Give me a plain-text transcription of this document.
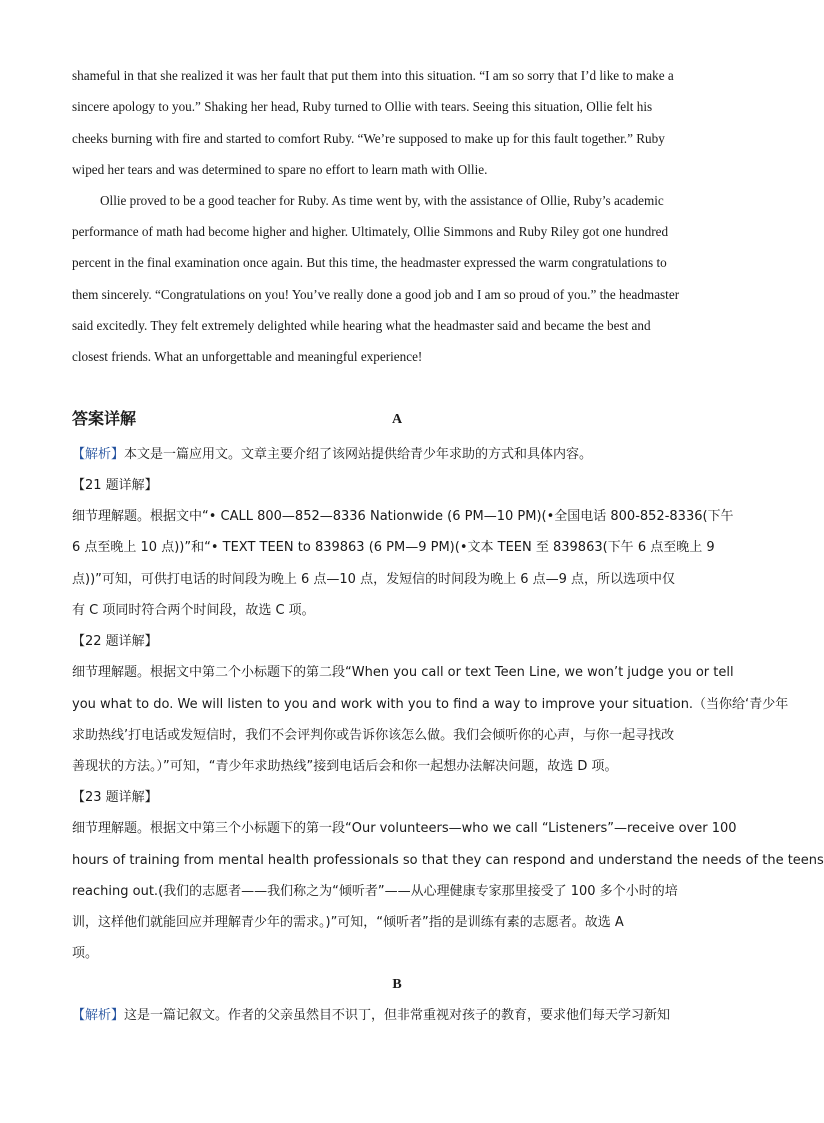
shameful in that she realized it was her fault that put them into this situation. “I am so sorry that I’d like to make a
sincere apology to you.” Shaking her head, Ruby turned to Ollie with tears. Seeing this situation, Ollie felt his
cheeks burning with fire and started to comfort Ruby. “We’re supposed to make up for this fault together.” Ruby
wiped her tears and was determined to spare no effort to learn math with Ollie.
Ollie proved to be a good teacher for Ruby. As time went by, with the assistance of Ollie, Ruby’s academic
performance of math had become higher and higher. Ultimately, Ollie Simmons and Ruby Riley got one hundred
percent in the final examination once again. But this time, the headmaster expressed the warm congratulations to
them sincerely. “Congratulations on you! You’ve really done a good job and I am so proud of you.” the headmaster
said excitedly. They felt extremely delighted while hearing what the headmaster said and became the best and
closest friends. What an unforgettable and meaningful experience!
答案详解	A
【解析】本文是一篇应用文。文章主要介绍了该网站提供给青少年求助的方式和具体内容。
【21 题详解】
细节理解题。根据文中“• CALL 800—852—8336 Nationwide (6 PM—10 PM)(•全国电话 800-852-8336(下午
6 点至晚上 10 点))”和“• TEXT TEEN to 839863 (6 PM—9 PM)(•文本 TEEN 至 839863(下午 6 点至晚上 9
点))”可知，可供打电话的时间段为晚上 6 点—10 点，发短信的时间段为晚上 6 点—9 点，所以选项中仅
有 C 项同时符合两个时间段，故选 C 项。
【22 题详解】
细节理解题。根据文中第二个小标题下的第二段“When you call or text Teen Line, we won’t judge you or tell
you what to do. We will listen to you and work with you to find a way to improve your situation.（当你给‘青少年
求助热线’打电话或发短信时，我们不会评判你或告诉你该怎么做。我们会倾听你的心声，与你一起寻找改
善现状的方法。）”可知，“青少年求助热线”接到电话后会和你一起想办法解决问题，故选 D 项。
【23 题详解】
细节理解题。根据文中第三个小标题下的第一段“Our volunteers—who we call “Listeners”—receive over 100
hours of training from mental health professionals so that they can respond and understand the needs of the teens
reaching out.(我们的志愿者——我们称之为“倾听者”——从心理健康专家那里接受了 100 多个小时的培
训，这样他们就能回应并理解青少年的需求。)”可知，“倾听者”指的是训练有素的志愿者。故选 A
项。
B
【解析】这是一篇记叙文。作者的父亲虽然目不识丁，但非常重视对孩子的教育，要求他们每天学习新知
